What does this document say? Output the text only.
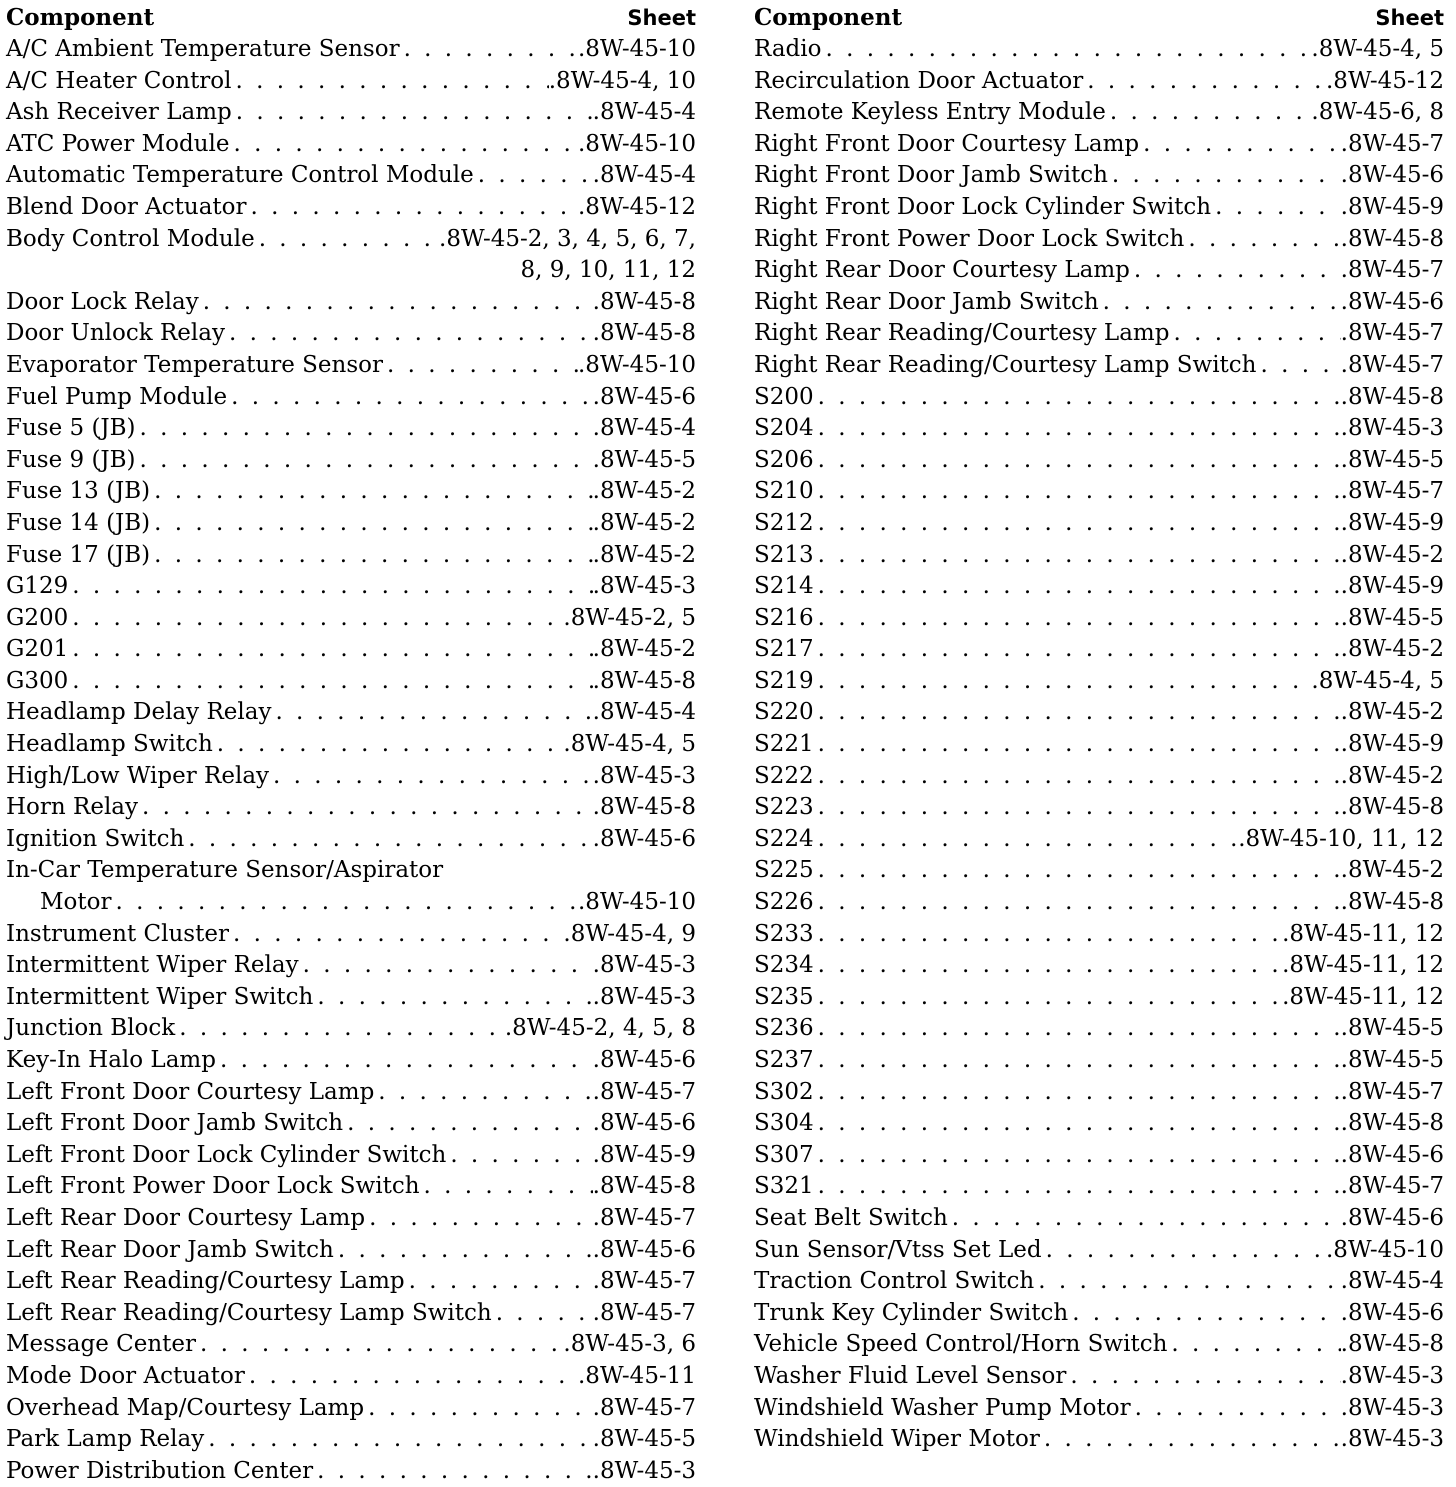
Component	Sheet
A/C Ambient Temperature Sensor . . .	.8W-45-10
A/C Heater Control . . .	.8W-45-4, 10
Ash Receiver Lamp . . .	.8W-45-4
ATC Power Module . . .	.8W-45-10
Automatic Temperature Control Module . . .	.8W-45-4
Blend Door Actuator . . .	.8W-45-12
Body Control Module . . .	.8W-45-2, 3, 4, 5, 6, 7,
8, 9, 10, 11, 12
Door Lock Relay . . .	.8W-45-8
Door Unlock Relay . . .	.8W-45-8
Evaporator Temperature Sensor . . .	.8W-45-10
Fuel Pump Module . . .	.8W-45-6
Fuse 5 (JB) . . .	.8W-45-4
Fuse 9 (JB) . . .	.8W-45-5
Fuse 13 (JB) . . .	.8W-45-2
Fuse 14 (JB) . . .	.8W-45-2
Fuse 17 (JB) . . .	.8W-45-2
G129 . . .	.8W-45-3
G200 . . .	.8W-45-2, 5
G201 . . .	.8W-45-2
G300 . . .	.8W-45-8
Headlamp Delay Relay . . .	.8W-45-4
Headlamp Switch . . .	.8W-45-4, 5
High/Low Wiper Relay . . .	.8W-45-3
Horn Relay . . .	.8W-45-8
Ignition Switch . . .	.8W-45-6
In-Car Temperature Sensor/Aspirator
Motor . . .	.8W-45-10
Instrument Cluster . . .	.8W-45-4, 9
Intermittent Wiper Relay . . .	.8W-45-3
Intermittent Wiper Switch . . .	.8W-45-3
Junction Block . . .	.8W-45-2, 4, 5, 8
Key-In Halo Lamp . . .	.8W-45-6
Left Front Door Courtesy Lamp . . .	.8W-45-7
Left Front Door Jamb Switch . . .	.8W-45-6
Left Front Door Lock Cylinder Switch . . .	.8W-45-9
Left Front Power Door Lock Switch . . .	.8W-45-8
Left Rear Door Courtesy Lamp . . .	.8W-45-7
Left Rear Door Jamb Switch . . .	.8W-45-6
Left Rear Reading/Courtesy Lamp . . .	.8W-45-7
Left Rear Reading/Courtesy Lamp Switch . . .	.8W-45-7
Message Center . . .	.8W-45-3, 6
Mode Door Actuator . . .	.8W-45-11
Overhead Map/Courtesy Lamp . . .	.8W-45-7
Park Lamp Relay . . .	.8W-45-5
Power Distribution Center . . .	.8W-45-3
Component	Sheet
Radio . . .	.8W-45-4, 5
Recirculation Door Actuator . . .	.8W-45-12
Remote Keyless Entry Module . . .	.8W-45-6, 8
Right Front Door Courtesy Lamp . . .	.8W-45-7
Right Front Door Jamb Switch . . .	.8W-45-6
Right Front Door Lock Cylinder Switch . . .	.8W-45-9
Right Front Power Door Lock Switch . . .	.8W-45-8
Right Rear Door Courtesy Lamp . . .	.8W-45-7
Right Rear Door Jamb Switch . . .	.8W-45-6
Right Rear Reading/Courtesy Lamp . . .	.8W-45-7
Right Rear Reading/Courtesy Lamp Switch . . .	.8W-45-7
S200 . . .	.8W-45-8
S204 . . .	.8W-45-3
S206 . . .	.8W-45-5
S210 . . .	.8W-45-7
S212 . . .	.8W-45-9
S213 . . .	.8W-45-2
S214 . . .	.8W-45-9
S216 . . .	.8W-45-5
S217 . . .	.8W-45-2
S219 . . .	.8W-45-4, 5
S220 . . .	.8W-45-2
S221 . . .	.8W-45-9
S222 . . .	.8W-45-2
S223 . . .	.8W-45-8
S224 . . .	.8W-45-10, 11, 12
S225 . . .	.8W-45-2
S226 . . .	.8W-45-8
S233 . . .	.8W-45-11, 12
S234 . . .	.8W-45-11, 12
S235 . . .	.8W-45-11, 12
S236 . . .	.8W-45-5
S237 . . .	.8W-45-5
S302 . . .	.8W-45-7
S304 . . .	.8W-45-8
S307 . . .	.8W-45-6
S321 . . .	.8W-45-7
Seat Belt Switch . . .	.8W-45-6
Sun Sensor/Vtss Set Led . . .	.8W-45-10
Traction Control Switch . . .	.8W-45-4
Trunk Key Cylinder Switch . . .	.8W-45-6
Vehicle Speed Control/Horn Switch . . .	.8W-45-8
Washer Fluid Level Sensor . . .	.8W-45-3
Windshield Washer Pump Motor . . .	.8W-45-3
Windshield Wiper Motor . . .	.8W-45-3
